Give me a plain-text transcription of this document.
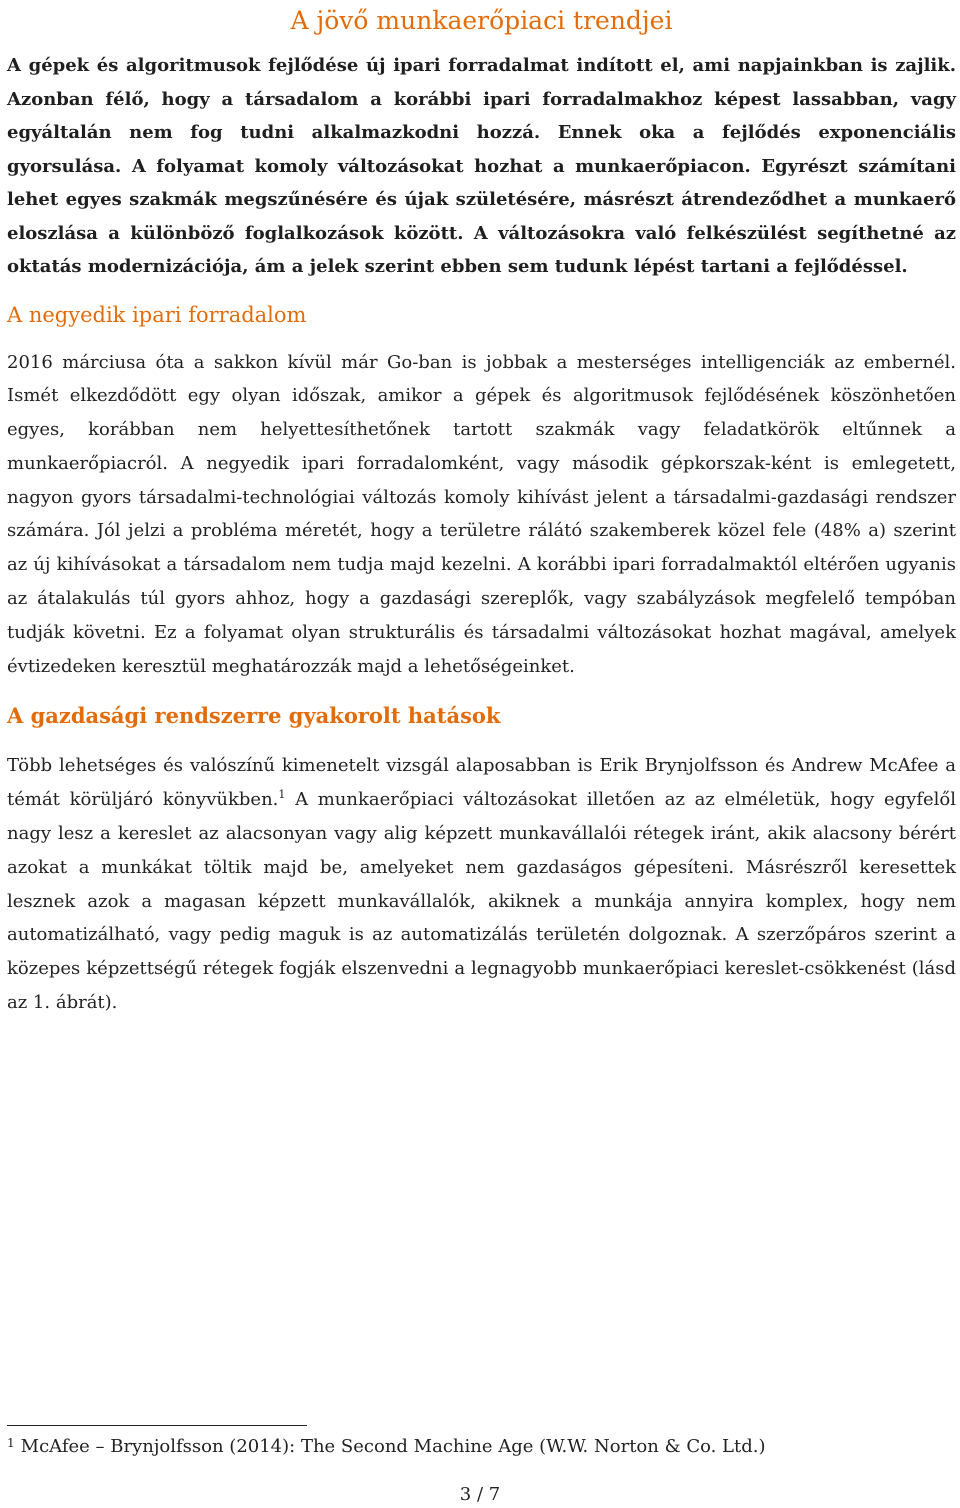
A jövő munkaerőpiaci trendjei

A gépek és algoritmusok fejlődése új ipari forradalmat indított el, ami napjainkban is zajlik. Azonban félő, hogy a társadalom a korábbi ipari forradalmakhoz képest lassabban, vagy egyáltalán nem fog tudni alkalmazkodni hozzá. Ennek oka a fejlődés exponenciális gyorsulása. A folyamat komoly változásokat hozhat a munkaerőpiacon. Egyrészt számítani lehet egyes szakmák megszűnésére és újak születésére, másrészt átrendeződhet a munkaerő eloszlása a különböző foglalkozások között. A változásokra való felkészülést segíthetné az oktatás modernizációja, ám a jelek szerint ebben sem tudunk lépést tartani a fejlődéssel.

A negyedik ipari forradalom

2016 márciusa óta a sakkon kívül már Go-ban is jobbak a mesterséges intelligenciák az embernél. Ismét elkezdődött egy olyan időszak, amikor a gépek és algoritmusok fejlődésének köszönhetően egyes, korábban nem helyettesíthetőnek tartott szakmák vagy feladatkörök eltűnnek a munkaerőpiacról. A negyedik ipari forradalomként, vagy második gépkorszak-ként is emlegetett, nagyon gyors társadalmi-technológiai változás komoly kihívást jelent a társadalmi-gazdasági rendszer számára. Jól jelzi a probléma méretét, hogy a területre rálátó szakemberek közel fele (48% a) szerint az új kihívásokat a társadalom nem tudja majd kezelni. A korábbi ipari forradalmaktól eltérően ugyanis az átalakulás túl gyors ahhoz, hogy a gazdasági szereplők, vagy szabályzások megfelelő tempóban tudják követni. Ez a folyamat olyan strukturális és társadalmi változásokat hozhat magával, amelyek évtizedeken keresztül meghatározzák majd a lehetőségeinket.

A gazdasági rendszerre gyakorolt hatások

Több lehetséges és valószínű kimenetelt vizsgál alaposabban is Erik Brynjolfsson és Andrew McAfee a témát körüljáró könyvükben.$^1$ A munkaerőpiaci változásokat illetően az az elméletük, hogy egyfelől nagy lesz a kereslet az alacsonyan vagy alig képzett munkavállalói rétegek iránt, akik alacsony bérért azokat a munkákat töltik majd be, amelyeket nem gazdaságos gépesíteni. Másrészről keresettek lesznek azok a magasan képzett munkavállalók, akiknek a munkája annyira komplex, hogy nem automatizálható, vagy pedig maguk is az automatizálás területén dolgoznak. A szerzőpáros szerint a közepes képzettségű rétegek fogják elszenvedni a legnagyobb munkaerőpiaci kereslet-csökkenést (lásd az 1. ábrát).

$^1$ McAfee – Brynjolfsson (2014): The Second Machine Age (W.W. Norton & Co. Ltd.)
3 / 7
